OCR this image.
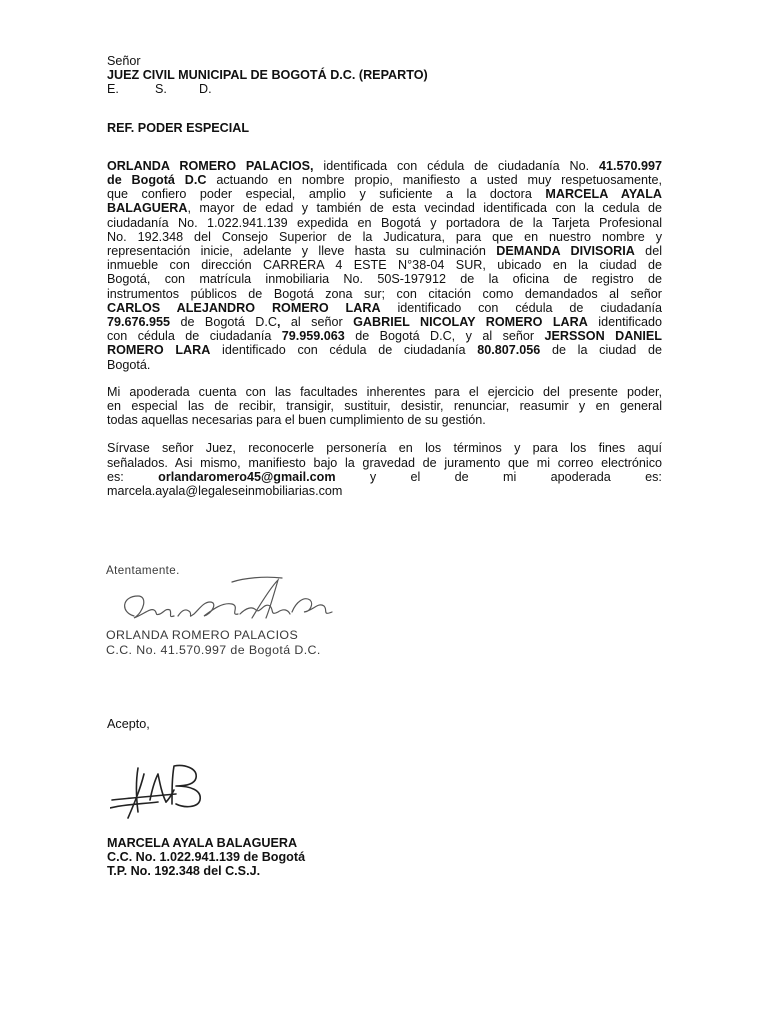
Señor
JUEZ CIVIL MUNICIPAL DE BOGOTÁ D.C. (REPARTO)
E.	S.	D.
REF. PODER ESPECIAL
ORLANDA ROMERO PALACIOS, identificada con cédula de ciudadanía No. 41.570.997
de Bogotá D.C actuando en nombre propio, manifiesto a usted muy respetuosamente,
que confiero poder especial, amplio y suficiente a la doctora MARCELA AYALA
BALAGUERA, mayor de edad y también de esta vecindad identificada con la cedula de
ciudadanía No. 1.022.941.139 expedida en Bogotá y portadora de la Tarjeta Profesional
No. 192.348 del Consejo Superior de la Judicatura, para que en nuestro nombre y
representación inicie, adelante y lleve hasta su culminación DEMANDA DIVISORIA del
inmueble con dirección CARRERA 4 ESTE N°38-04 SUR, ubicado en la ciudad de
Bogotá, con matrícula inmobiliaria No. 50S-197912 de la oficina de registro de
instrumentos públicos de Bogotá zona sur; con citación como demandados al señor
CARLOS ALEJANDRO ROMERO LARA identificado con cédula de ciudadanía
79.676.955 de Bogotá D.C, al señor GABRIEL NICOLAY ROMERO LARA identificado
con cédula de ciudadanía 79.959.063 de Bogotá D.C, y al señor JERSSON DANIEL
ROMERO LARA identificado con cédula de ciudadanía 80.807.056 de la ciudad de
Bogotá.
Mi apoderada cuenta con las facultades inherentes para el ejercicio del presente poder,
en especial las de recibir, transigir, sustituir, desistir, renunciar, reasumir y en general
todas aquellas necesarias para el buen cumplimiento de su gestión.
Sírvase señor Juez, reconocerle personería en los términos y para los fines aquí
señalados. Asi mismo, manifiesto bajo la gravedad de juramento que mi correo electrónico
es:	orlandaromero45@gmail.com	y	el	de	mi	apoderada	es:
marcela.ayala@legaleseinmobiliarias.com
Atentamente.
ORLANDA ROMERO PALACIOS
C.C. No. 41.570.997 de Bogotá D.C.
Acepto,
MARCELA AYALA BALAGUERA
C.C. No. 1.022.941.139 de Bogotá
T.P. No. 192.348 del C.S.J.
